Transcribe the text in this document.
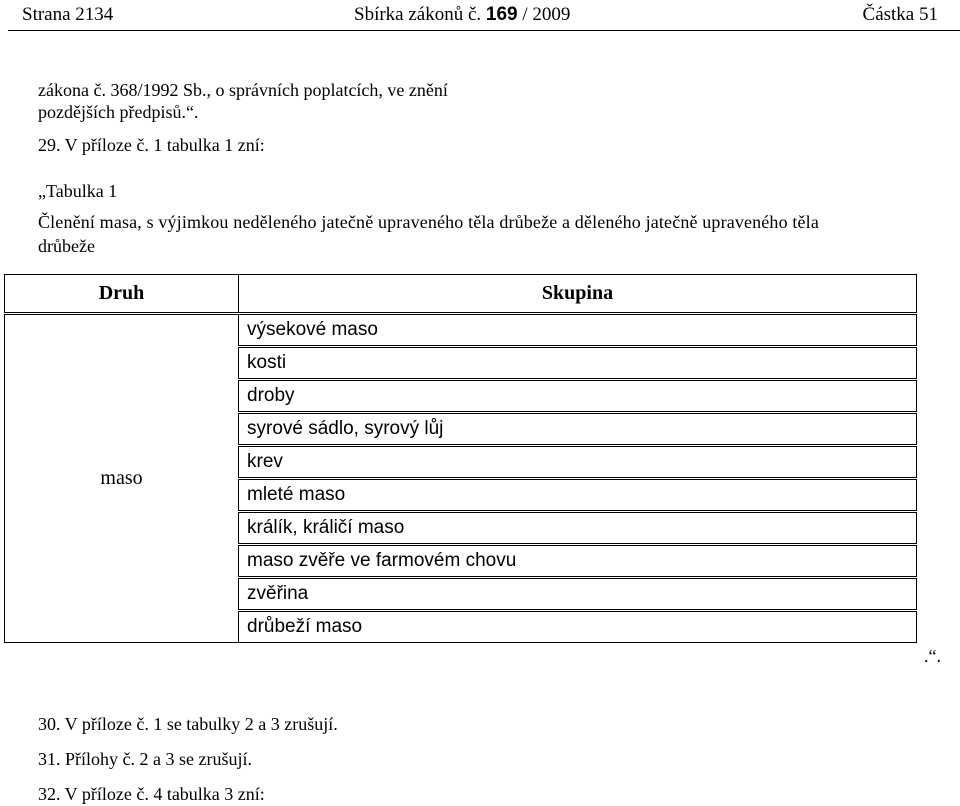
Strana 2134	Sbírka zákonů č. 169 / 2009	Částka 51
zákona č. 368/1992 Sb., o správních poplatcích, ve znění
pozdějších předpisů.“.
29. V příloze č. 1 tabulka 1 zní:
„Tabulka 1
Členění masa, s výjimkou neděleného jatečně upraveného těla drůbeže a děleného jatečně upraveného těla
drůbeže
Druh	Skupina
maso	výsekové maso
	kosti
	droby
	syrové sádlo, syrový lůj
	krev
	mleté maso
	králík, králičí maso
	maso zvěře ve farmovém chovu
	zvěřina
	drůbeží maso
.“.
30. V příloze č. 1 se tabulky 2 a 3 zrušují.
31. Přílohy č. 2 a 3 se zrušují.
32. V příloze č. 4 tabulka 3 zní:
